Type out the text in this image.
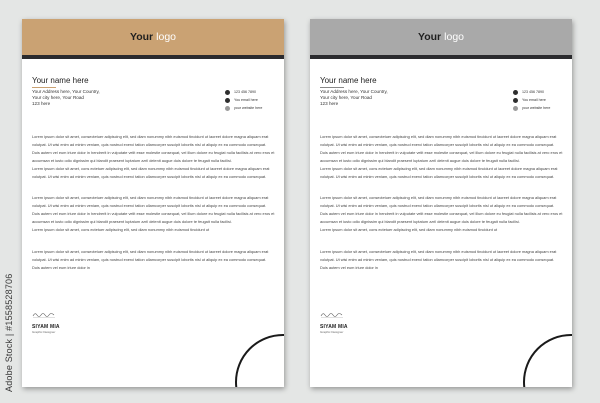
Adobe Stock | #1558528706
Your logo
Your name here
Your Address here, Your Country,
Your city here, Your Road
123 here
123 456 7890
You email here
your website here
Lorem ipsum dolor sit amet, consectetuer adipiscing elit, sed diam nonummy nibh euismod tincidunt ut laoreet dolore magna aliquam erat volutpat. Ut wisi enim ad minim veniam, quis nostrud exerci tation ullamcorper suscipit lobortis nisl ut aliquip ex ea commodo consequat. Duis autem vel eum iriure dolor in hendrerit in vulputate velit esse molestie consequat, vel illum dolore eu feugiat nulla facilisis at vero eros et accumsan et iusto odio dignissim qui blandit praesent luptatum zzril delenit augue duis dolore te feugait nulla facilisi.
Lorem ipsum dolor sit amet, cons ectetuer adipiscing elit, sed diam nonummy nibh euismod tincidunt ut laoreet dolore magna aliquam erat volutpat. Ut wisi enim ad minim veniam, quis nostrud exerci tation ullamcorper suscipit lobortis nisl ut aliquip ex ea commodo consequat.
Lorem ipsum dolor sit amet, consectetuer adipiscing elit, sed diam nonummy nibh euismod tincidunt ut laoreet dolore magna aliquam erat volutpat. Ut wisi enim ad minim veniam, quis nostrud exerci tation ullamcorper suscipit lobortis nisl ut aliquip ex ea commodo consequat. Duis autem vel eum iriure dolor in hendrerit in vulputate velit esse molestie consequat, vel illum dolore eu feugiat nulla facilisis at vero eros et accumsan et iusto odio dignissim qui blandit praesent luptatum zzril delenit augue duis dolore te feugait nulla facilisi.
Lorem ipsum dolor sit amet, cons ectetuer adipiscing elit, sed diam nonummy nibh euismod tincidunt ut
Lorem ipsum dolor sit amet, consectetuer adipiscing elit, sed diam nonummy nibh euismod tincidunt ut laoreet dolore magna aliquam erat volutpat. Ut wisi enim ad minim veniam, quis nostrud exerci tation ullamcorper suscipit lobortis nisl ut aliquip ex ea commodo consequat. Duis autem vel eum iriure dolor in
SIYAM MIA
Graphic Designer
Your logo
Your name here
Your Address here, Your Country,
Your city here, Your Road
123 here
123 456 7890
You email here
your website here
Lorem ipsum dolor sit amet, consectetuer adipiscing elit, sed diam nonummy nibh euismod tincidunt ut laoreet dolore magna aliquam erat volutpat. Ut wisi enim ad minim veniam, quis nostrud exerci tation ullamcorper suscipit lobortis nisl ut aliquip ex ea commodo consequat. Duis autem vel eum iriure dolor in hendrerit in vulputate velit esse molestie consequat, vel illum dolore eu feugiat nulla facilisis at vero eros et accumsan et iusto odio dignissim qui blandit praesent luptatum zzril delenit augue duis dolore te feugait nulla facilisi.
Lorem ipsum dolor sit amet, cons ectetuer adipiscing elit, sed diam nonummy nibh euismod tincidunt ut laoreet dolore magna aliquam erat volutpat. Ut wisi enim ad minim veniam, quis nostrud exerci tation ullamcorper suscipit lobortis nisl ut aliquip ex ea commodo consequat.
Lorem ipsum dolor sit amet, consectetuer adipiscing elit, sed diam nonummy nibh euismod tincidunt ut laoreet dolore magna aliquam erat volutpat. Ut wisi enim ad minim veniam, quis nostrud exerci tation ullamcorper suscipit lobortis nisl ut aliquip ex ea commodo consequat. Duis autem vel eum iriure dolor in hendrerit in vulputate velit esse molestie consequat, vel illum dolore eu feugiat nulla facilisis at vero eros et accumsan et iusto odio dignissim qui blandit praesent luptatum zzril delenit augue duis dolore te feugait nulla facilisi.
Lorem ipsum dolor sit amet, cons ectetuer adipiscing elit, sed diam nonummy nibh euismod tincidunt ut
Lorem ipsum dolor sit amet, consectetuer adipiscing elit, sed diam nonummy nibh euismod tincidunt ut laoreet dolore magna aliquam erat volutpat. Ut wisi enim ad minim veniam, quis nostrud exerci tation ullamcorper suscipit lobortis nisl ut aliquip ex ea commodo consequat. Duis autem vel eum iriure dolor in
SIYAM MIA
Graphic Designer
